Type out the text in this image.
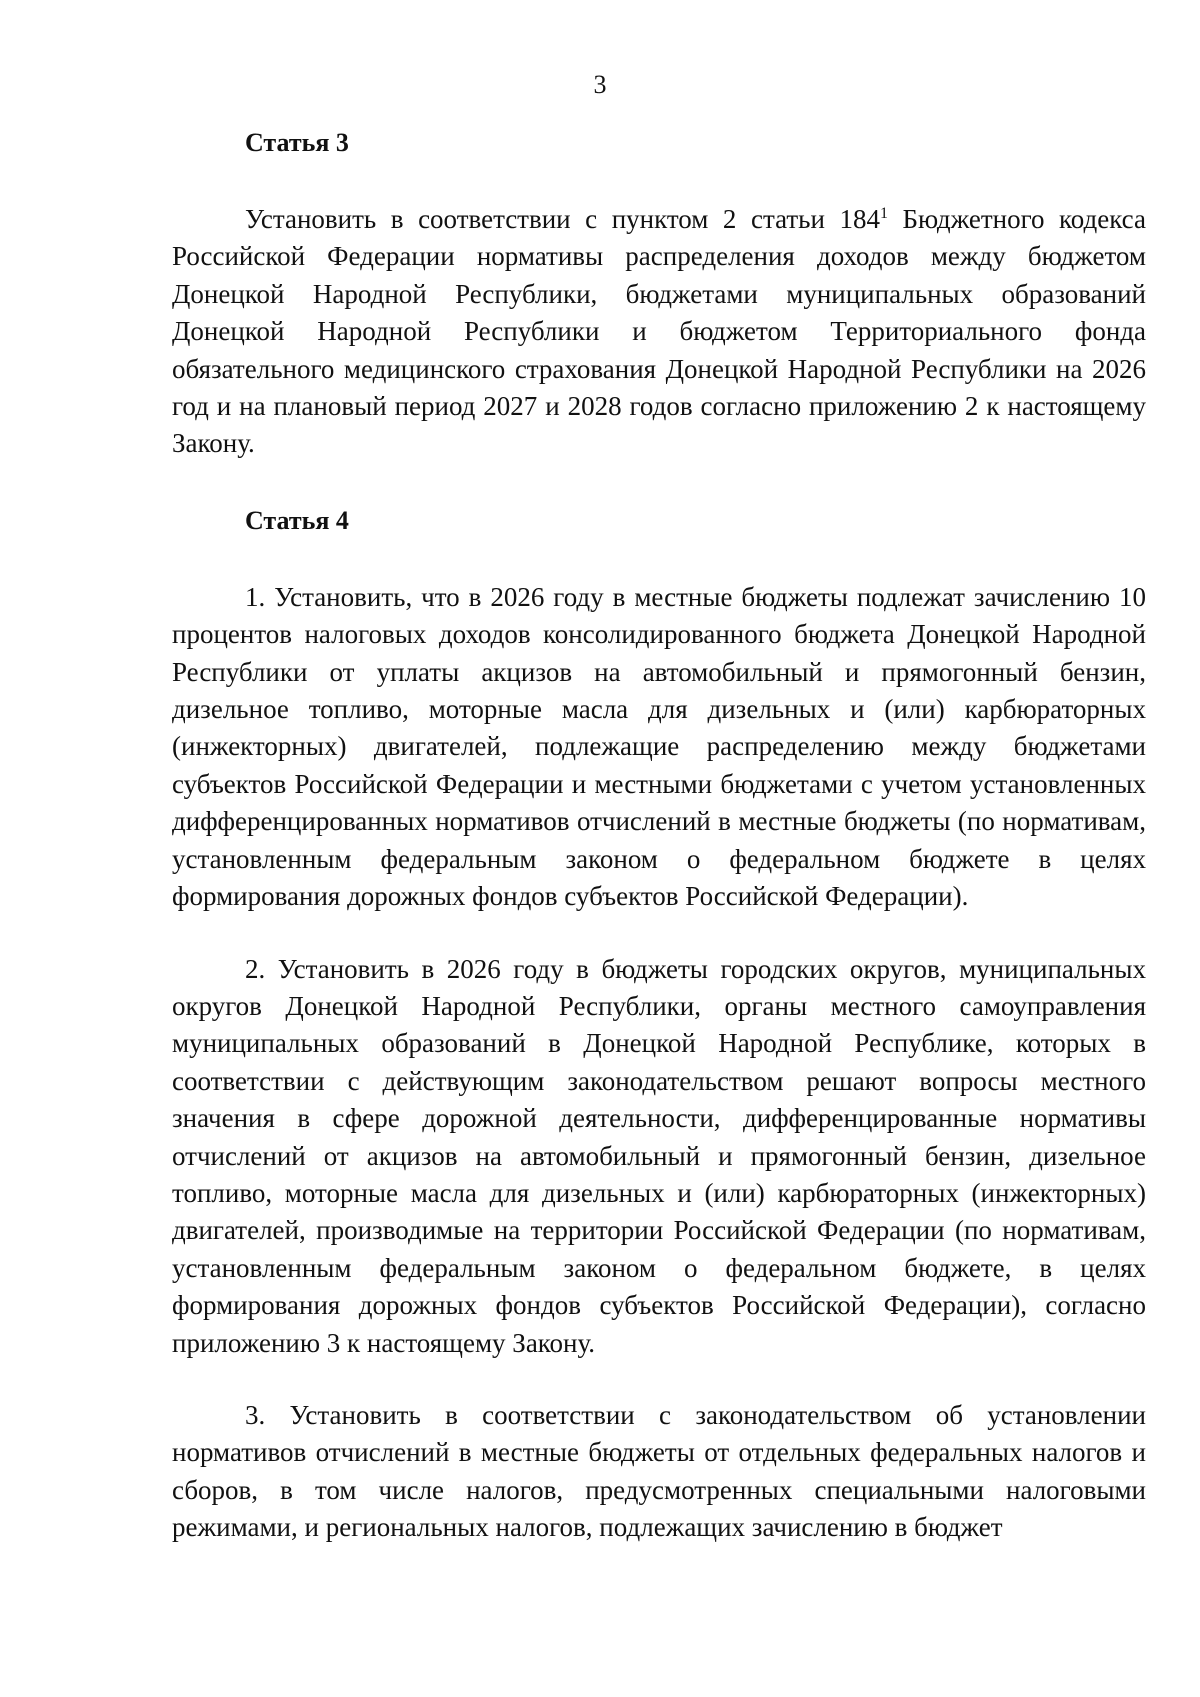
3

Статья 3

Установить в соответствии с пунктом 2 статьи $184^1$ Бюджетного кодекса Российской Федерации нормативы распределения доходов между бюджетом Донецкой Народной Республики, бюджетами муниципальных образований Донецкой Народной Республики и бюджетом Территориального фонда обязательного медицинского страхования Донецкой Народной Республики на 2026 год и на плановый период 2027 и 2028 годов согласно приложению 2 к настоящему Закону.

Статья 4

1. Установить, что в 2026 году в местные бюджеты подлежат зачислению 10 процентов налоговых доходов консолидированного бюджета Донецкой Народной Республики от уплаты акцизов на автомобильный и прямогонный бензин, дизельное топливо, моторные масла для дизельных и (или) карбюраторных (инжекторных) двигателей, подлежащие распределению между бюджетами субъектов Российской Федерации и местными бюджетами с учетом установленных дифференцированных нормативов отчислений в местные бюджеты (по нормативам, установленным федеральным законом о федеральном бюджете в целях формирования дорожных фондов субъектов Российской Федерации).

2. Установить в 2026 году в бюджеты городских округов, муниципальных округов Донецкой Народной Республики, органы местного самоуправления муниципальных образований в Донецкой Народной Республике, которых в соответствии с действующим законодательством решают вопросы местного значения в сфере дорожной деятельности, дифференцированные нормативы отчислений от акцизов на автомобильный и прямогонный бензин, дизельное топливо, моторные масла для дизельных и (или) карбюраторных (инжекторных) двигателей, производимые на территории Российской Федерации (по нормативам, установленным федеральным законом о федеральном бюджете, в целях формирования дорожных фондов субъектов Российской Федерации), согласно приложению 3 к настоящему Закону.

3. Установить в соответствии с законодательством об установлении нормативов отчислений в местные бюджеты от отдельных федеральных налогов и сборов, в том числе налогов, предусмотренных специальными налоговыми режимами, и региональных налогов, подлежащих зачислению в бюджет
